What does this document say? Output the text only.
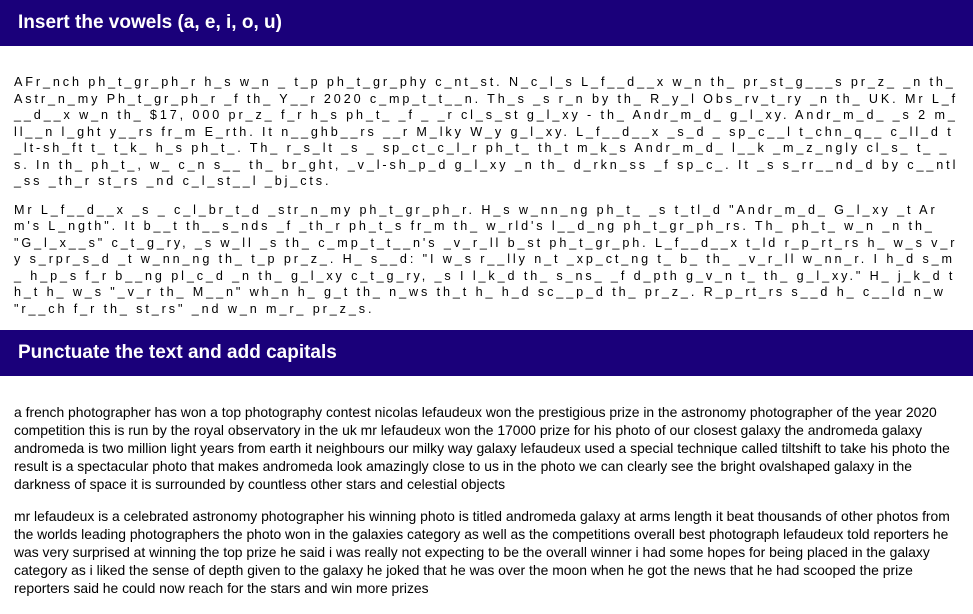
Insert the vowels (a, e, i, o, u)

AFr_nch ph_t_gr_ph_r h_s w_n _ t_p ph_t_gr_phy c_nt_st. N_c_l_s L_f__d__x w_n th_ pr_st_g___s pr_z_ _n th_ Astr_n_my Ph_t_gr_ph_r _f th_ Y__r 2020 c_mp_t_t__n. Th_s _s r_n by th_ R_y_l Obs_rv_t_ry _n th_ UK. Mr L_f__d__x w_n th_ $17, 000 pr_z_ f_r h_s ph_t_ _f _ _r cl_s_st g_l_xy - th_ Andr_m_d_ g_l_xy. Andr_m_d_ _s 2 m_ll__n l_ght y__rs fr_m E_rth. It n__ghb__rs __r M_lky W_y g_l_xy. L_f__d__x _s_d _ sp_c__l t_chn_q__ c_ll_d t_lt-sh_ft t_ t_k_ h_s ph_t_. Th_ r_s_lt _s _ sp_ct_c_l_r ph_t_ th_t m_k_s Andr_m_d_ l__k _m_z_ngly cl_s_ t_ _s. In th_ ph_t_, w_ c_n s__ th_ br_ght, _v_l-sh_p_d g_l_xy _n th_ d_rkn_ss _f sp_c_. It _s s_rr__nd_d by c__ntl_ss _th_r st_rs _nd c_l_st__l _bj_cts.

Mr L_f__d__x _s _ c_l_br_t_d _str_n_my ph_t_gr_ph_r. H_s w_nn_ng ph_t_ _s t_tl_d "Andr_m_d_ G_l_xy _t Arm's L_ngth". It b__t th__s_nds _f _th_r ph_t_s fr_m th_ w_rld's l__d_ng ph_t_gr_ph_rs. Th_ ph_t_ w_n _n th_ "G_l_x__s" c_t_g_ry, _s w_ll _s th_ c_mp_t_t__n's _v_r_ll b_st ph_t_gr_ph. L_f__d__x t_ld r_p_rt_rs h_ w_s v_ry s_rpr_s_d _t w_nn_ng th_ t_p pr_z_. H_ s__d: "I w_s r__lly n_t _xp_ct_ng t_ b_ th_ _v_r_ll w_nn_r. I h_d s_m_ h_p_s f_r b__ng pl_c_d _n th_ g_l_xy c_t_g_ry, _s I l_k_d th_ s_ns_ _f d_pth g_v_n t_ th_ g_l_xy." H_ j_k_d th_t h_ w_s "_v_r th_ M__n" wh_n h_ g_t th_ n_ws th_t h_ h_d sc__p_d th_ pr_z_. R_p_rt_rs s__d h_ c__ld n_w "r__ch f_r th_ st_rs" _nd w_n m_r_ pr_z_s.

Punctuate the text and add capitals

a french photographer has won a top photography contest nicolas lefaudeux won the prestigious prize in the astronomy photographer of the year 2020 competition this is run by the royal observatory in the uk mr lefaudeux won the 17000 prize for his photo of our closest galaxy the andromeda galaxy andromeda is two million light years from earth it neighbours our milky way galaxy lefaudeux used a special technique called tiltshift to take his photo the result is a spectacular photo that makes andromeda look amazingly close to us in the photo we can clearly see the bright ovalshaped galaxy in the darkness of space it is surrounded by countless other stars and celestial objects

mr lefaudeux is a celebrated astronomy photographer his winning photo is titled andromeda galaxy at arms length it beat thousands of other photos from the worlds leading photographers the photo won in the galaxies category as well as the competitions overall best photograph lefaudeux told reporters he was very surprised at winning the top prize he said i was really not expecting to be the overall winner i had some hopes for being placed in the galaxy category as i liked the sense of depth given to the galaxy he joked that he was over the moon when he got the news that he had scooped the prize reporters said he could now reach for the stars and win more prizes
